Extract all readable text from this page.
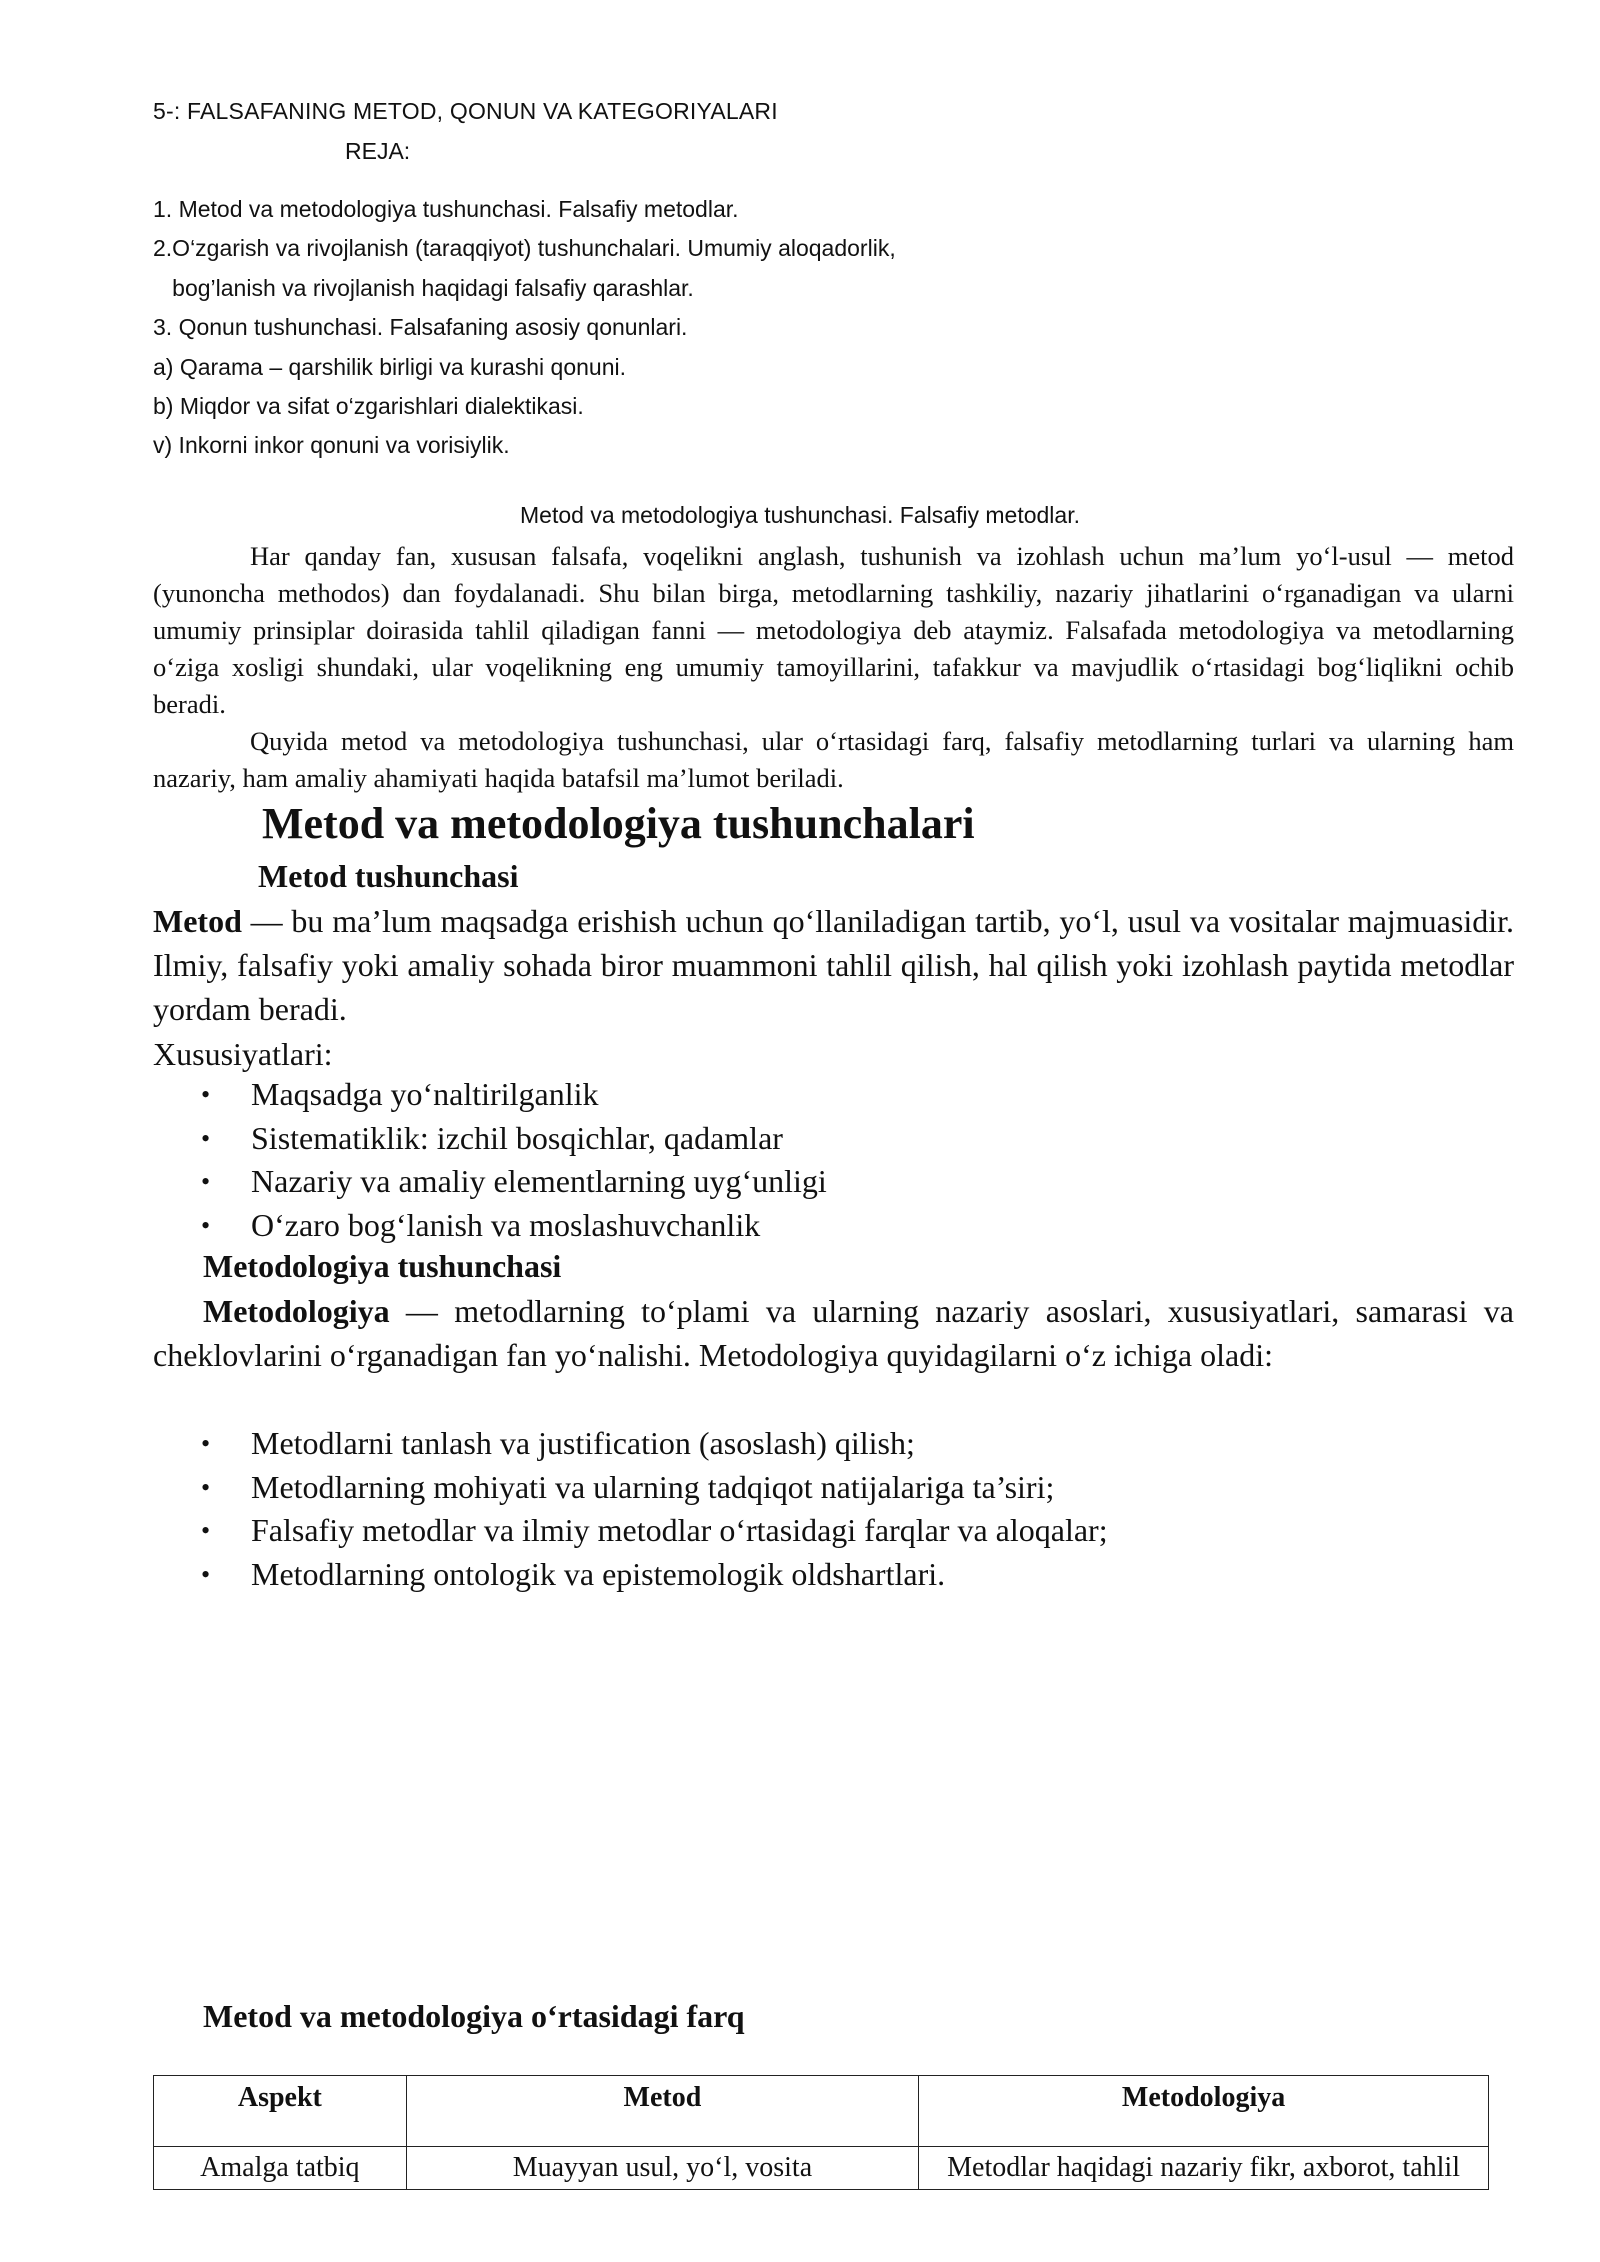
5-: FALSAFANING METOD, QONUN VA KATEGORIYALARI
REJA:
1. Metod va metodologiya tushunchasi. Falsafiy metodlar.
2.O‘zgarish va rivojlanish (taraqqiyot) tushunchalari. Umumiy aloqadorlik,
bog’lanish va rivojlanish haqidagi falsafiy qarashlar.
3. Qonun tushunchasi. Falsafaning asosiy qonunlari.
a) Qarama – qarshilik birligi va kurashi qonuni.
b) Miqdor va sifat o‘zgarishlari dialektikasi.
v) Inkorni inkor qonuni va vorisiylik.
Metod va metodologiya tushunchasi. Falsafiy metodlar.

Har qanday fan, xususan falsafa, voqelikni anglash, tushunish va izohlash uchun ma’lum yo‘l-usul — metod (yunoncha methodos) dan foydalanadi. Shu bilan birga, metodlarning tashkiliy, nazariy jihatlarini o‘rganadigan va ularni umumiy prinsiplar doirasida tahlil qiladigan fanni — metodologiya deb ataymiz. Falsafada metodologiya va metodlarning o‘ziga xosligi shundaki, ular voqelikning eng umumiy tamoyillarini, tafakkur va mavjudlik o‘rtasidagi bog‘liqlikni ochib beradi.

Quyida metod va metodologiya tushunchasi, ular o‘rtasidagi farq, falsafiy metodlarning turlari va ularning ham nazariy, ham amaliy ahamiyati haqida batafsil ma’lumot beriladi.

Metod va metodologiya tushunchalari
Metod tushunchasi

Metod — bu ma’lum maqsadga erishish uchun qo‘llaniladigan tartib, yo‘l, usul va vositalar majmuasidir. Ilmiy, falsafiy yoki amaliy sohada biror muammoni tahlil qilish, hal qilish yoki izohlash paytida metodlar yordam beradi.

Xususiyatlari:
• Maqsadga yo‘naltirilganlik
• Sistematiklik: izchil bosqichlar, qadamlar
• Nazariy va amaliy elementlarning uyg‘unligi
• O‘zaro bog‘lanish va moslashuvchanlik
Metodologiya tushunchasi

Metodologiya — metodlarning to‘plami va ularning nazariy asoslari, xususiyatlari, samarasi va cheklovlarini o‘rganadigan fan yo‘nalishi. Metodologiya quyidagilarni o‘z ichiga oladi:

• Metodlarni tanlash va justification (asoslash) qilish;
• Metodlarning mohiyati va ularning tadqiqot natijalariga ta’siri;
• Falsafiy metodlar va ilmiy metodlar o‘rtasidagi farqlar va aloqalar;
• Metodlarning ontologik va epistemologik oldshartlari.
Metod va metodologiya o‘rtasidagi farq
Aspekt	Metod	Metodologiya
Amalga tatbiq	Muayyan usul, yo‘l, vosita	Metodlar haqidagi nazariy fikr, axborot, tahlil
